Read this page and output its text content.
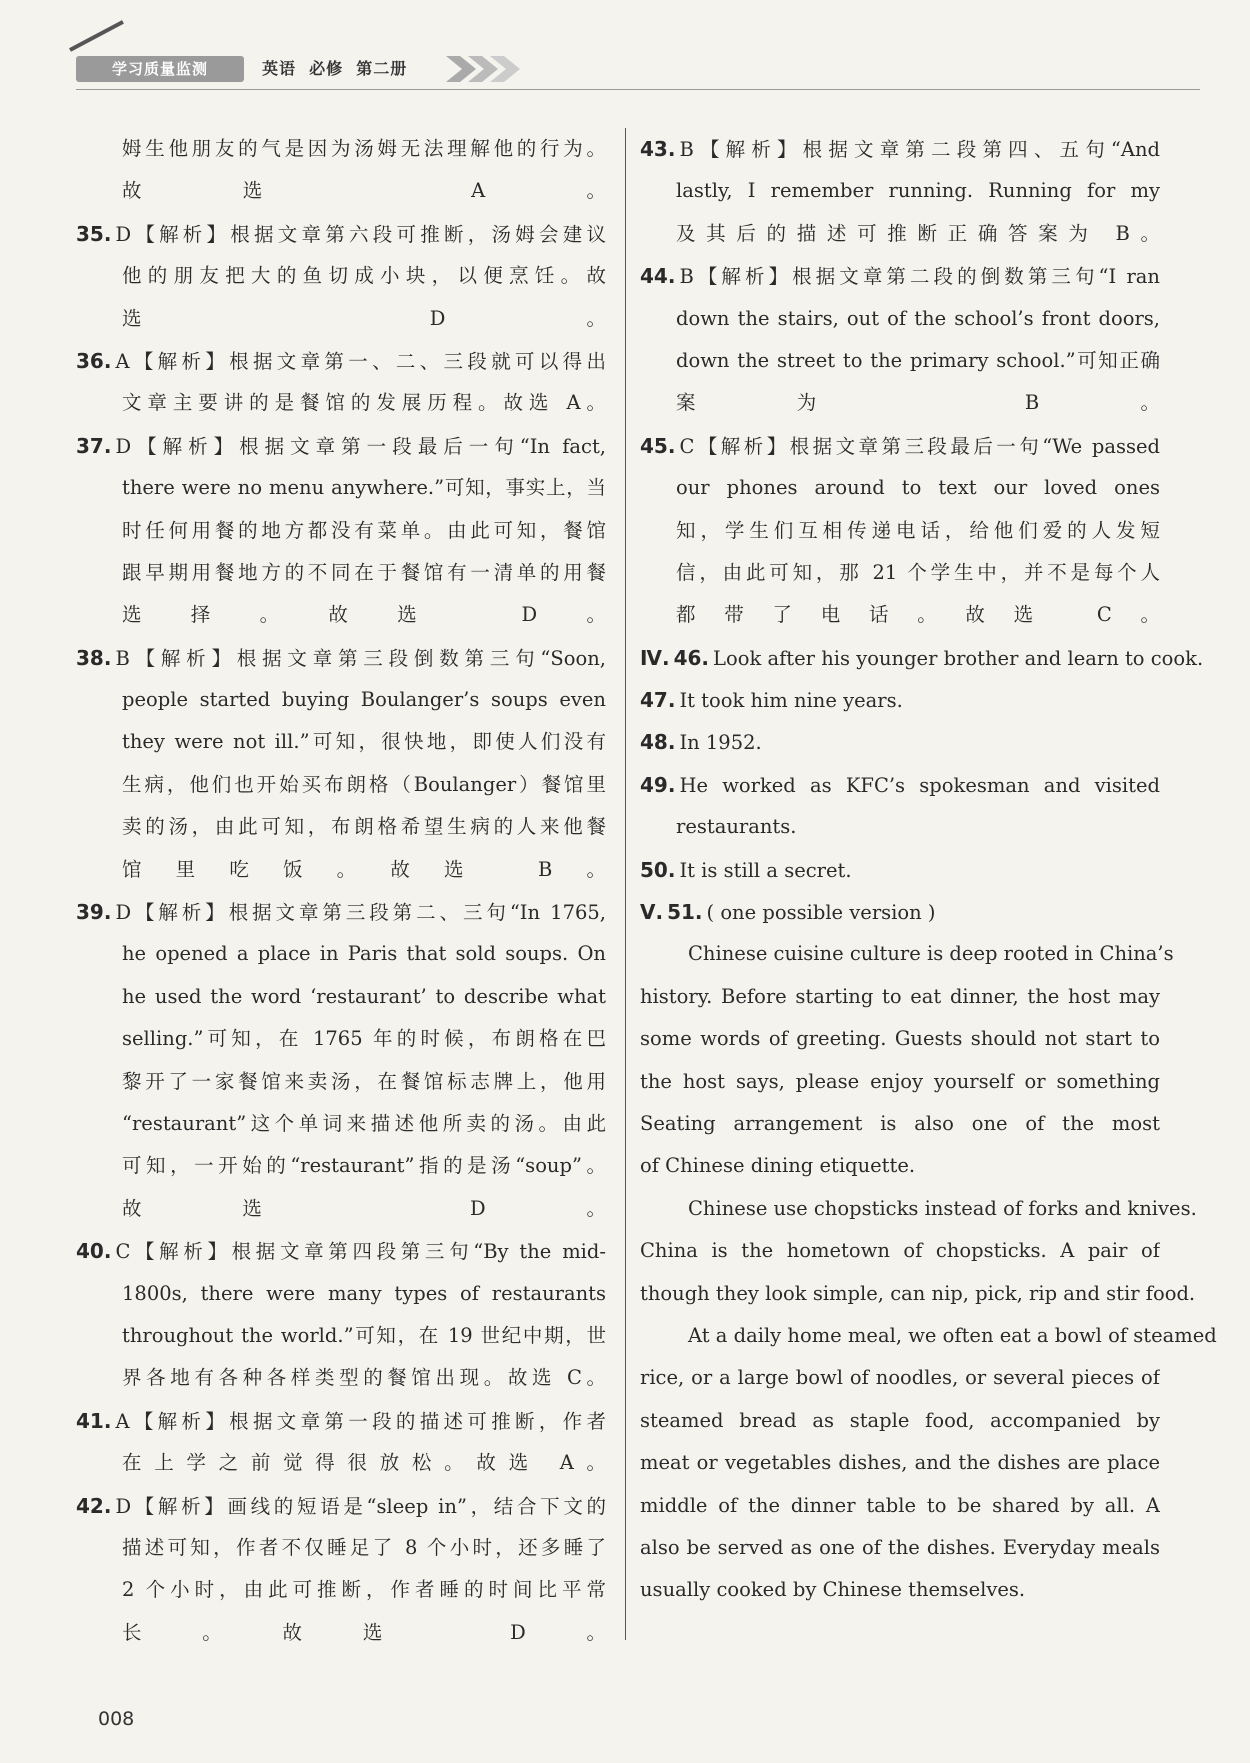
学习质量监测	英语  必修  第二册
姆生他朋友的气是因为汤姆无法理解他的行为。
故选 A。
35. D【解析】根据文章第六段可推断，汤姆会建议
他的朋友把大的鱼切成小块，以便烹饪。故
选 D。
36. A【解析】根据文章第一、二、三段就可以得出
文章主要讲的是餐馆的发展历程。故选 A。
37. D【解析】根据文章第一段最后一句“In fact,
there were no menu anywhere.”可知，事实上，当
时任何用餐的地方都没有菜单。由此可知，餐馆
跟早期用餐地方的不同在于餐馆有一清单的用餐
选择。故选 D。
38. B【解析】根据文章第三段倒数第三句“Soon,
people started buying Boulanger’s soups even
they were not ill.”可知，很快地，即使人们没有
生病，他们也开始买布朗格（Boulanger）餐馆里
卖的汤，由此可知，布朗格希望生病的人来他餐
馆里吃饭。故选 B。
39. D【解析】根据文章第三段第二、三句“In 1765,
he opened a place in Paris that sold soups. On
he used the word ‘restaurant’ to describe what
selling.”可知，在 1765 年的时候，布朗格在巴
黎开了一家餐馆来卖汤，在餐馆标志牌上，他用
“restaurant”这个单词来描述他所卖的汤。由此
可知，一开始的“restaurant”指的是汤“soup”。
故选 D。
40. C【解析】根据文章第四段第三句“By the mid-
1800s, there were many types of restaurants
throughout the world.”可知，在 19 世纪中期，世
界各地有各种各样类型的餐馆出现。故选 C。
41. A【解析】根据文章第一段的描述可推断，作者
在上学之前觉得很放松。故选 A。
42. D【解析】画线的短语是“sleep in”，结合下文的
描述可知，作者不仅睡足了 8 个小时，还多睡了
2 个小时，由此可推断，作者睡的时间比平常
长。故选 D。
43. B【解析】根据文章第二段第四、五句“And
lastly, I remember running. Running for my
及其后的描述可推断正确答案为 B。
44. B【解析】根据文章第二段的倒数第三句“I ran
down the stairs, out of the school’s front doors,
down the street to the primary school.”可知正确
案为 B。
45. C【解析】根据文章第三段最后一句“We passed
our phones around to text our loved ones
知，学生们互相传递电话，给他们爱的人发短
信，由此可知，那 21 个学生中，并不是每个人
都带了电话。故选 C。
Ⅳ. 46. Look after his younger brother and learn to cook.
47. It took him nine years.
48. In 1952.
49. He worked as KFC’s spokesman and visited
restaurants.
50. It is still a secret.
Ⅴ. 51. ( one possible version )
Chinese cuisine culture is deep rooted in China’s
history. Before starting to eat dinner, the host may
some words of greeting. Guests should not start to
the host says, please enjoy yourself or something
Seating arrangement is also one of the most
of Chinese dining etiquette.
Chinese use chopsticks instead of forks and knives.
China is the hometown of chopsticks. A pair of
though they look simple, can nip, pick, rip and stir food.
At a daily home meal, we often eat a bowl of steamed
rice, or a large bowl of noodles, or several pieces of
steamed bread as staple food, accompanied by
meat or vegetables dishes, and the dishes are place
middle of the dinner table to be shared by all. A
also be served as one of the dishes. Everyday meals
usually cooked by Chinese themselves.
008
